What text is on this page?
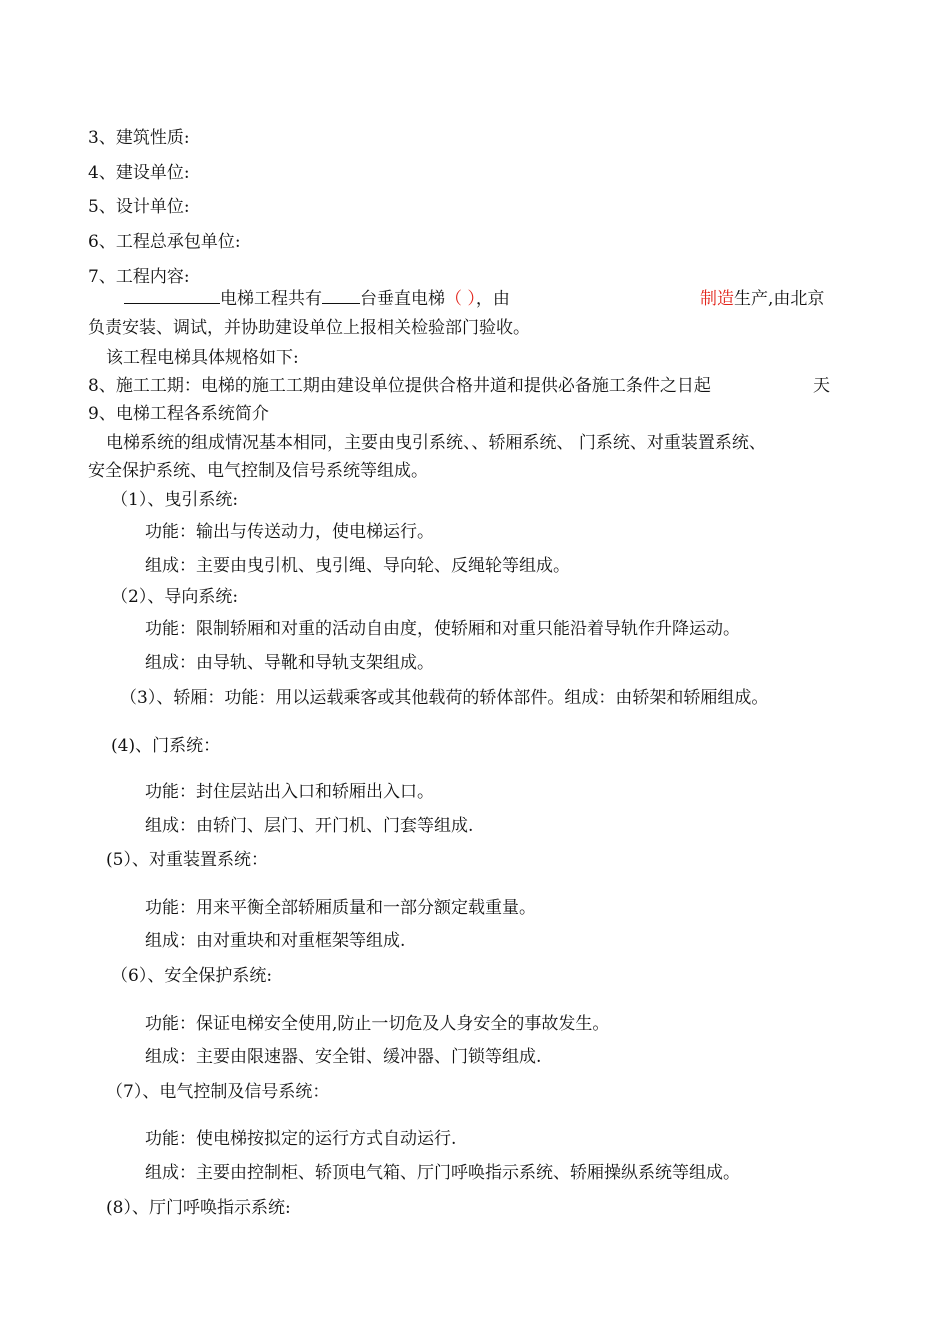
3、建筑性质:
4、建设单位:
5、设计单位:
6、工程总承包单位:
7、工程内容:
电梯工程共有 台垂直电梯（ ），由	制造生产,由北京
负责安装、调试，并协助建设单位上报相关检验部门验收。
该工程电梯具体规格如下:
8、施工工期：电梯的施工工期由建设单位提供合格井道和提供必备施工条件之日起	天
9、电梯工程各系统简介
电梯系统的组成情况基本相同，主要由曳引系统、、轿厢系统、 门系统、对重装置系统、
安全保护系统、电气控制及信号系统等组成。
（1）、曳引系统:
功能：输出与传送动力，使电梯运行。
组成：主要由曳引机、曳引绳、导向轮、反绳轮等组成。
（2）、导向系统:
功能：限制轿厢和对重的活动自由度，使轿厢和对重只能沿着导轨作升降运动。
组成：由导轨、导靴和导轨支架组成。
（3）、轿厢：功能：用以运载乘客或其他载荷的轿体部件。组成：由轿架和轿厢组成。
(4)、门系统：
功能：封住层站出入口和轿厢出入口。
组成：由轿门、层门、开门机、门套等组成.
(5）、对重装置系统：
功能：用来平衡全部轿厢质量和一部分额定载重量。
组成：由对重块和对重框架等组成.
（6）、安全保护系统:
功能：保证电梯安全使用,防止一切危及人身安全的事故发生。
组成：主要由限速器、安全钳、缓冲器、门锁等组成.
（7）、电气控制及信号系统：
功能：使电梯按拟定的运行方式自动运行.
组成：主要由控制柜、轿顶电气箱、厅门呼唤指示系统、轿厢操纵系统等组成。
(8）、厅门呼唤指示系统:
